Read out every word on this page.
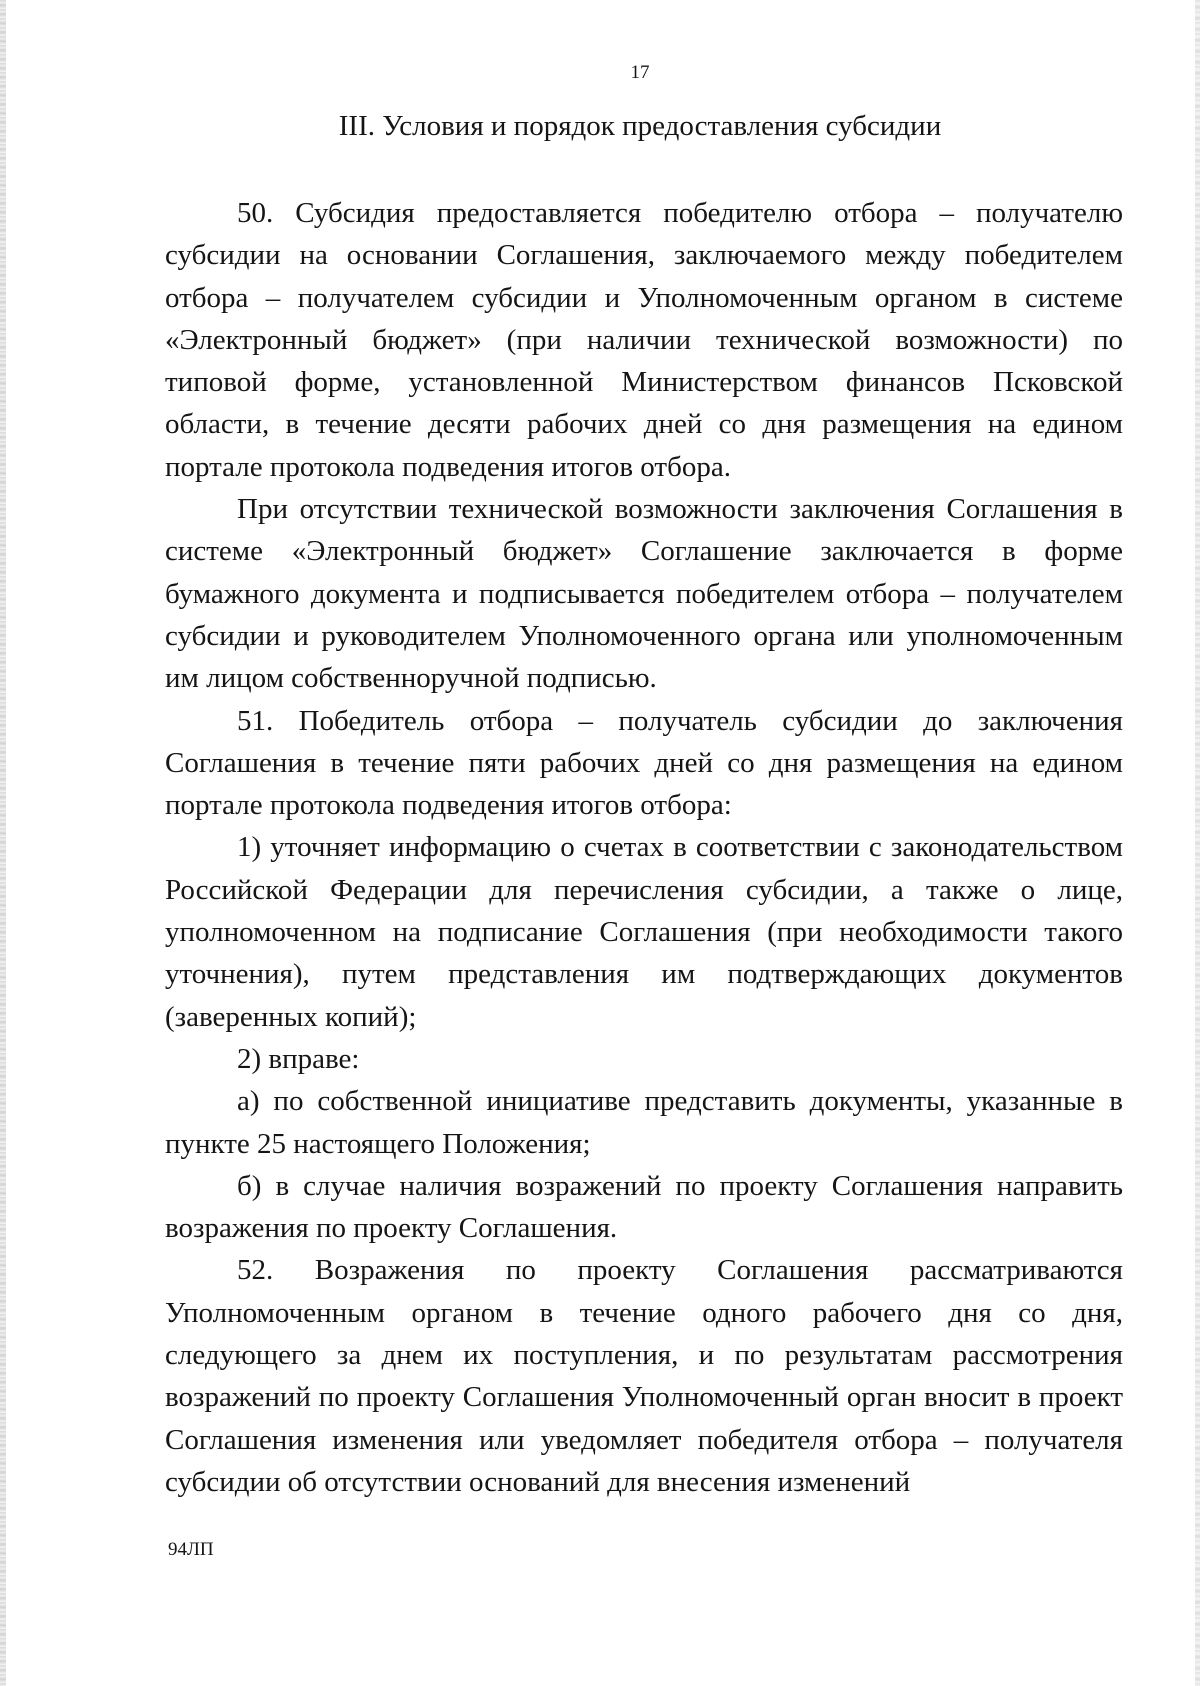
17
III. Условия и порядок предоставления субсидии

50. Субсидия предоставляется победителю отбора – получателю субсидии на основании Соглашения, заключаемого между победителем отбора – получателем субсидии и Уполномоченным органом в системе «Электронный бюджет» (при наличии технической возможности) по типовой форме, установленной Министерством финансов Псковской области, в течение десяти рабочих дней со дня размещения на едином портале протокола подведения итогов отбора.

При отсутствии технической возможности заключения Соглашения в системе «Электронный бюджет» Соглашение заключается в форме бумажного документа и подписывается победителем отбора – получателем субсидии и руководителем Уполномоченного органа или уполномоченным им лицом собственноручной подписью.

51. Победитель отбора – получатель субсидии до заключения Соглашения в течение пяти рабочих дней со дня размещения на едином портале протокола подведения итогов отбора:

1) уточняет информацию о счетах в соответствии с законодательством Российской Федерации для перечисления субсидии, а также о лице, уполномоченном на подписание Соглашения (при необходимости такого уточнения), путем представления им подтверждающих документов (заверенных копий);

2) вправе:

а) по собственной инициативе представить документы, указанные в пункте 25 настоящего Положения;

б) в случае наличия возражений по проекту Соглашения направить возражения по проекту Соглашения.

52. Возражения по проекту Соглашения рассматриваются Уполномоченным органом в течение одного рабочего дня со дня, следующего за днем их поступления, и по результатам рассмотрения возражений по проекту Соглашения Уполномоченный орган вносит в проект Соглашения изменения или уведомляет победителя отбора – получателя субсидии об отсутствии оснований для внесения изменений

94ЛП
